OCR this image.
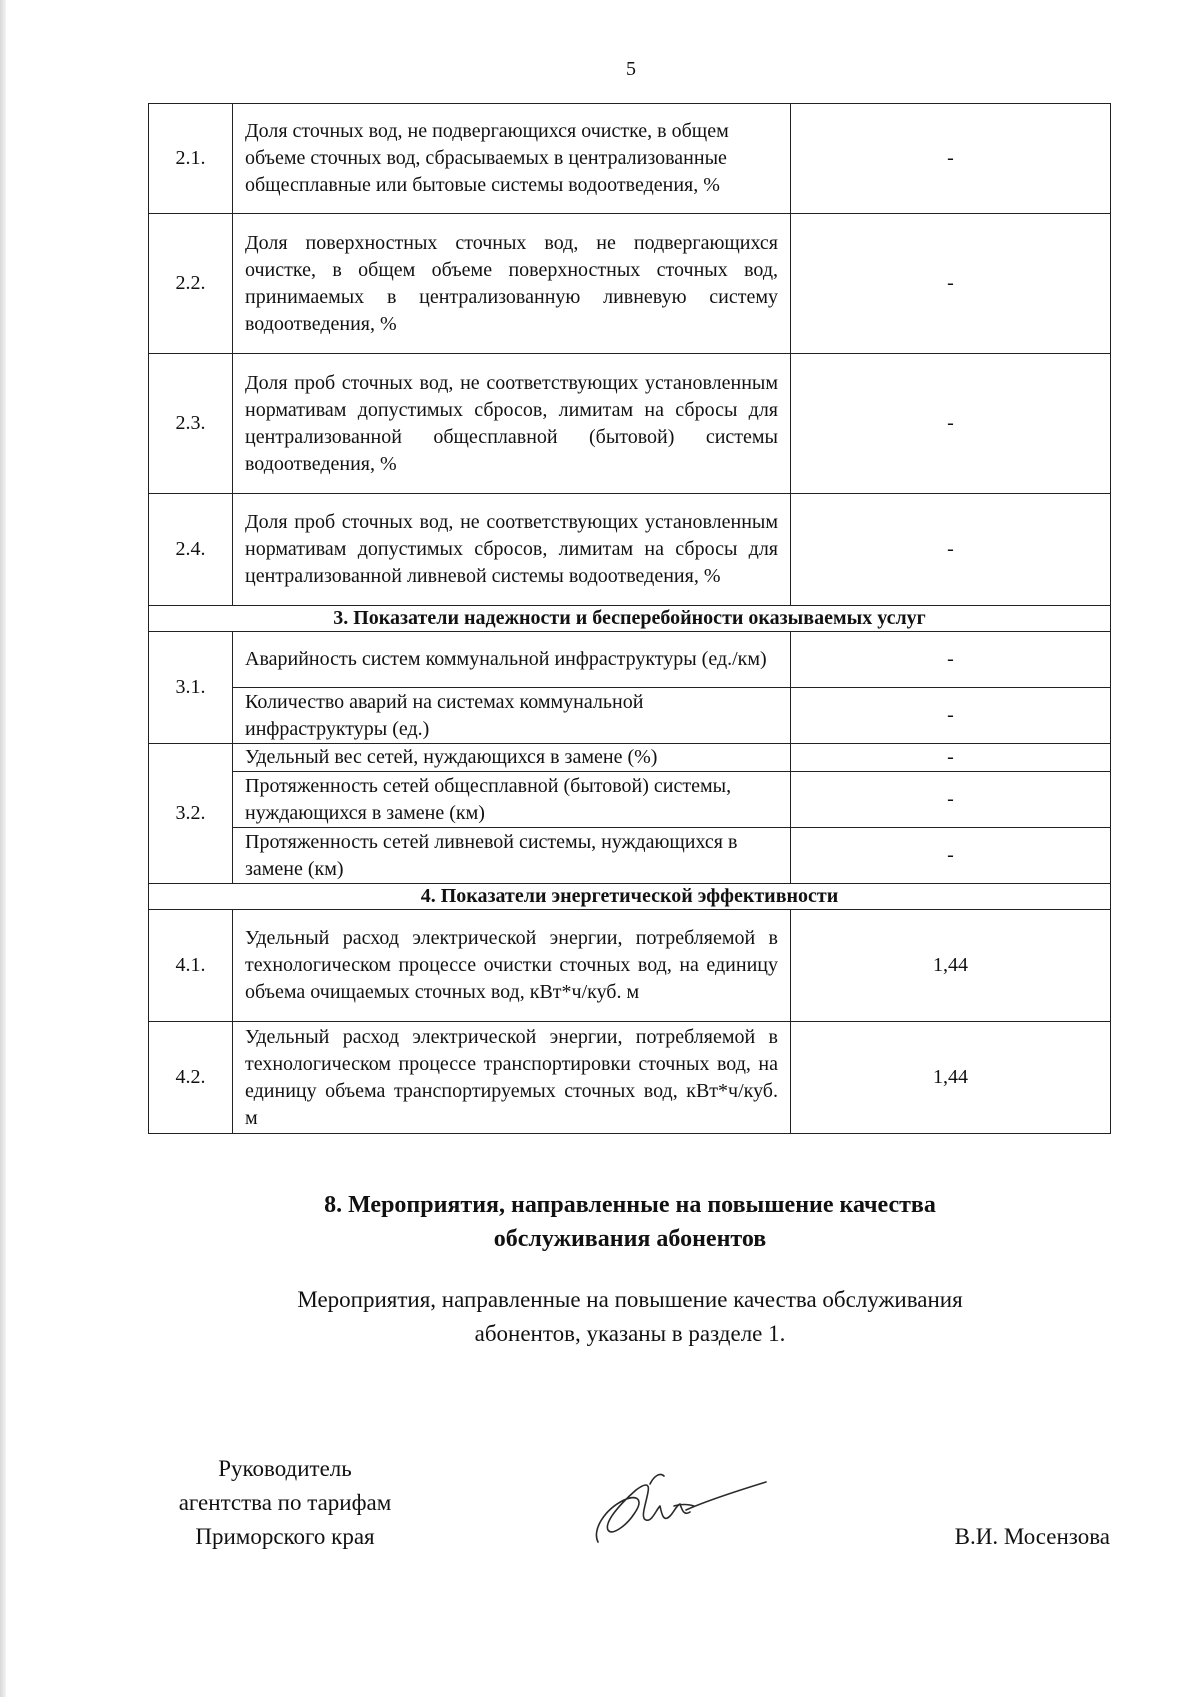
5
2.1.	Доля сточных вод, не подвергающихся очистке, в общем объеме сточных вод, сбрасываемых в централизованные общесплавные или бытовые системы водоотведения, %	-
2.2.	Доля поверхностных сточных вод, не подвергающихся очистке, в общем объеме поверхностных сточных вод, принимаемых в централизованную ливневую систему водоотведения, %	-
2.3.	Доля проб сточных вод, не соответствующих установленным нормативам допустимых сбросов, лимитам на сбросы для централизованной общесплавной (бытовой) системы водоотведения, %	-
2.4.	Доля проб сточных вод, не соответствующих установленным нормативам допустимых сбросов, лимитам на сбросы для централизованной ливневой системы водоотведения, %	-
3. Показатели надежности и бесперебойности оказываемых услуг		
3.1.	Аварийность систем коммунальной инфраструктуры (ед./км)	-
	Количество аварий на системах коммунальной инфраструктуры (ед.)	-
3.2.	Удельный вес сетей, нуждающихся в замене (%)	-
	Протяженность сетей общесплавной (бытовой) системы, нуждающихся в замене (км)	-
	Протяженность сетей ливневой системы, нуждающихся в замене (км)	-
4. Показатели энергетической эффективности		
4.1.	Удельный расход электрической энергии, потребляемой в технологическом процессе очистки сточных вод, на единицу объема очищаемых сточных вод, кВт*ч/куб. м	1,44
4.2.	Удельный расход электрической энергии, потребляемой в технологическом процессе транспортировки сточных вод, на единицу объема транспортируемых сточных вод, кВт*ч/куб. м	1,44
8. Мероприятия, направленные на повышение качества
обслуживания абонентов
Мероприятия, направленные на повышение качества обслуживания
абонентов, указаны в разделе 1.
Руководитель
агентства по тарифам
Приморского края	В.И. Мосензова
